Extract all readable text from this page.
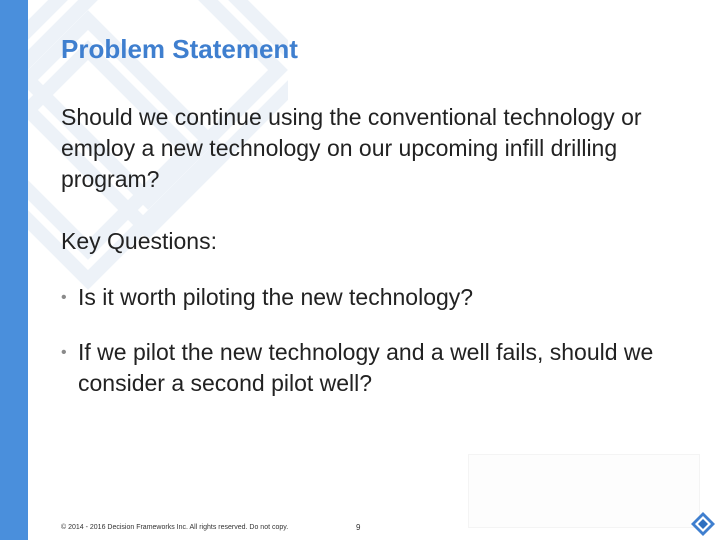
Problem Statement

Should we continue using the conventional technology or employ a new technology on our upcoming infill drilling program?

Key Questions:

• Is it worth piloting the new technology?
• If we pilot the new technology and a well fails, should we consider a second pilot well?
© 2014 - 2016 Decision Frameworks Inc. All rights reserved. Do not copy.	9
